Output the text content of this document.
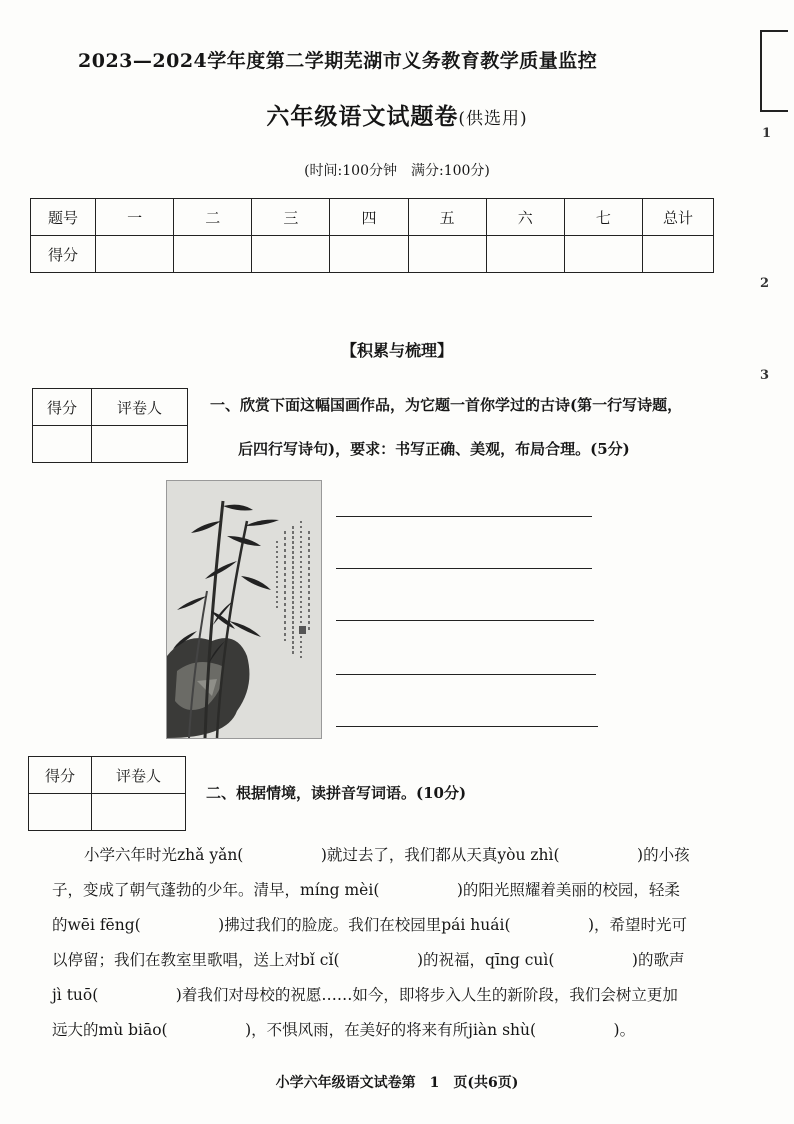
2023—2024学年度第二学期芜湖市义务教育教学质量监控
六年级语文试题卷(供选用)
(时间:100分钟　满分:100分)
题号	一	二	三	四	五	六	七	总计
得分								
【积累与梳理】
得分	评卷人
		一、欣赏下面这幅国画作品，为它题一首你学过的古诗(第一行写诗题，
后四行写诗句)，要求：书写正确、美观，布局合理。(5分)
得分	评卷人

二、根据情境，读拼音写词语。(10分)
小学六年时光zhǎ yǎn(　　　　　)就过去了，我们都从天真yòu zhì(　　　　　)的小孩
子，变成了朝气蓬勃的少年。清早，míng mèi(　　　　　)的阳光照耀着美丽的校园，轻柔
的wēi fēng(　　　　　)拂过我们的脸庞。我们在校园里pái huái(　　　　　)，希望时光可
以停留；我们在教室里歌唱，送上对bǐ cǐ(　　　　　)的祝福，qīng cuì(　　　　　)的歌声
jì tuō(　　　　　)着我们对母校的祝愿……如今，即将步入人生的新阶段，我们会树立更加
远大的mù biāo(　　　　　)，不惧风雨，在美好的将来有所jiàn shù(　　　　　)。
小学六年级语文试卷第　1　页(共6页)
1
2
3
